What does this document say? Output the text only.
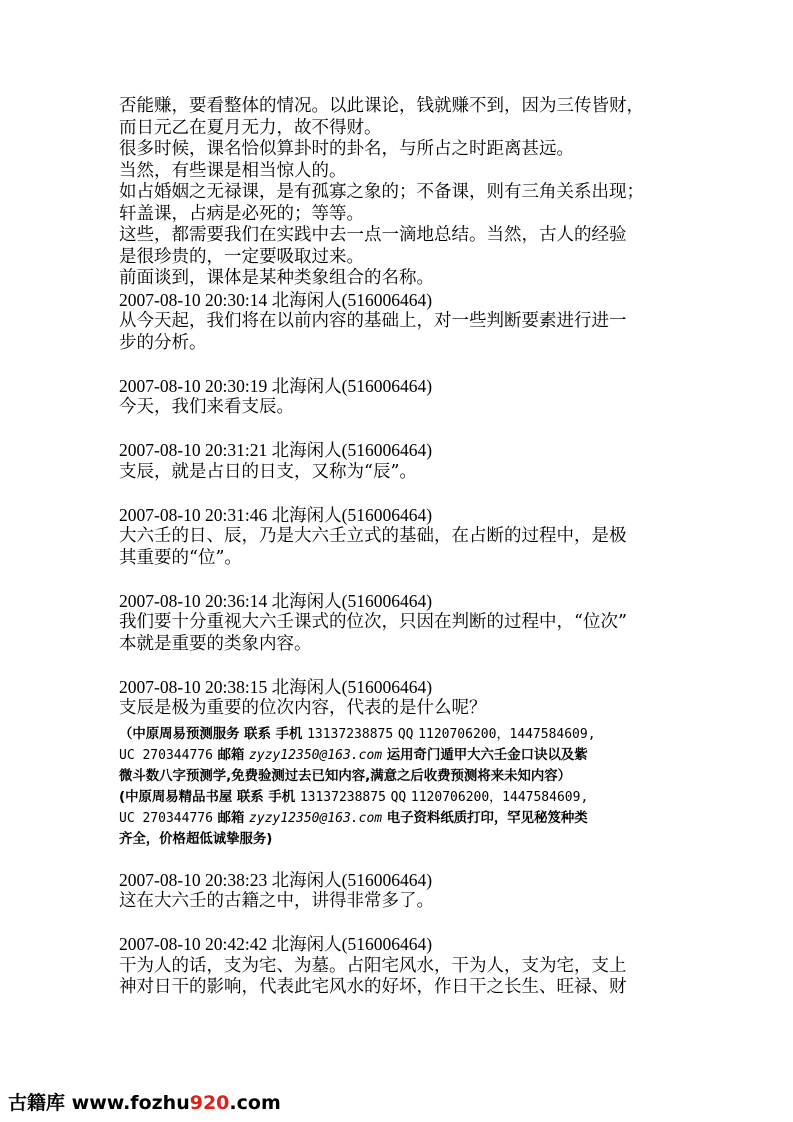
否能赚，要看整体的情况。以此课论，钱就赚不到，因为三传皆财，
而日元乙在夏月无力，故不得财。
很多时候，课名恰似算卦时的卦名，与所占之时距离甚远。
当然，有些课是相当惊人的。
如占婚姻之无禄课，是有孤寡之象的；不备课，则有三角关系出现；
轩盖课，占病是必死的；等等。
这些，都需要我们在实践中去一点一滴地总结。当然，古人的经验
是很珍贵的，一定要吸取过来。
前面谈到，课体是某种类象组合的名称。
2007-08-10 20:30:14 北海闲人(516006464)
从今天起，我们将在以前内容的基础上，对一些判断要素进行进一
步的分析。
2007-08-10 20:30:19 北海闲人(516006464)
今天，我们来看支辰。
2007-08-10 20:31:21 北海闲人(516006464)
支辰，就是占日的日支，又称为“辰”。
2007-08-10 20:31:46 北海闲人(516006464)
大六壬的日、辰，乃是大六壬立式的基础，在占断的过程中，是极
其重要的“位”。
2007-08-10 20:36:14 北海闲人(516006464)
我们要十分重视大六壬课式的位次，只因在判断的过程中，“位次”
本就是重要的类象内容。
2007-08-10 20:38:15 北海闲人(516006464)
支辰是极为重要的位次内容，代表的是什么呢？
（中原周易预测服务 联系 手机 13137238875 QQ 1120706200，1447584609,
UC 270344776 邮箱 zyzy12350@163.com 运用奇门遁甲大六壬金口诀以及紫
微斗数八字预测学,免费验测过去已知内容,满意之后收费预测将来未知内容）
(中原周易精品书屋 联系 手机 13137238875 QQ 1120706200，1447584609,
UC 270344776 邮箱 zyzy12350@163.com 电子资料纸质打印，罕见秘笈种类
齐全，价格超低诚挚服务)
2007-08-10 20:38:23 北海闲人(516006464)
这在大六壬的古籍之中，讲得非常多了。
2007-08-10 20:42:42 北海闲人(516006464)
干为人的话，支为宅、为墓。占阳宅风水，干为人，支为宅，支上
神对日干的影响，代表此宅风水的好坏，作日干之长生、旺禄、财
古籍库 www.fozhu920.com
